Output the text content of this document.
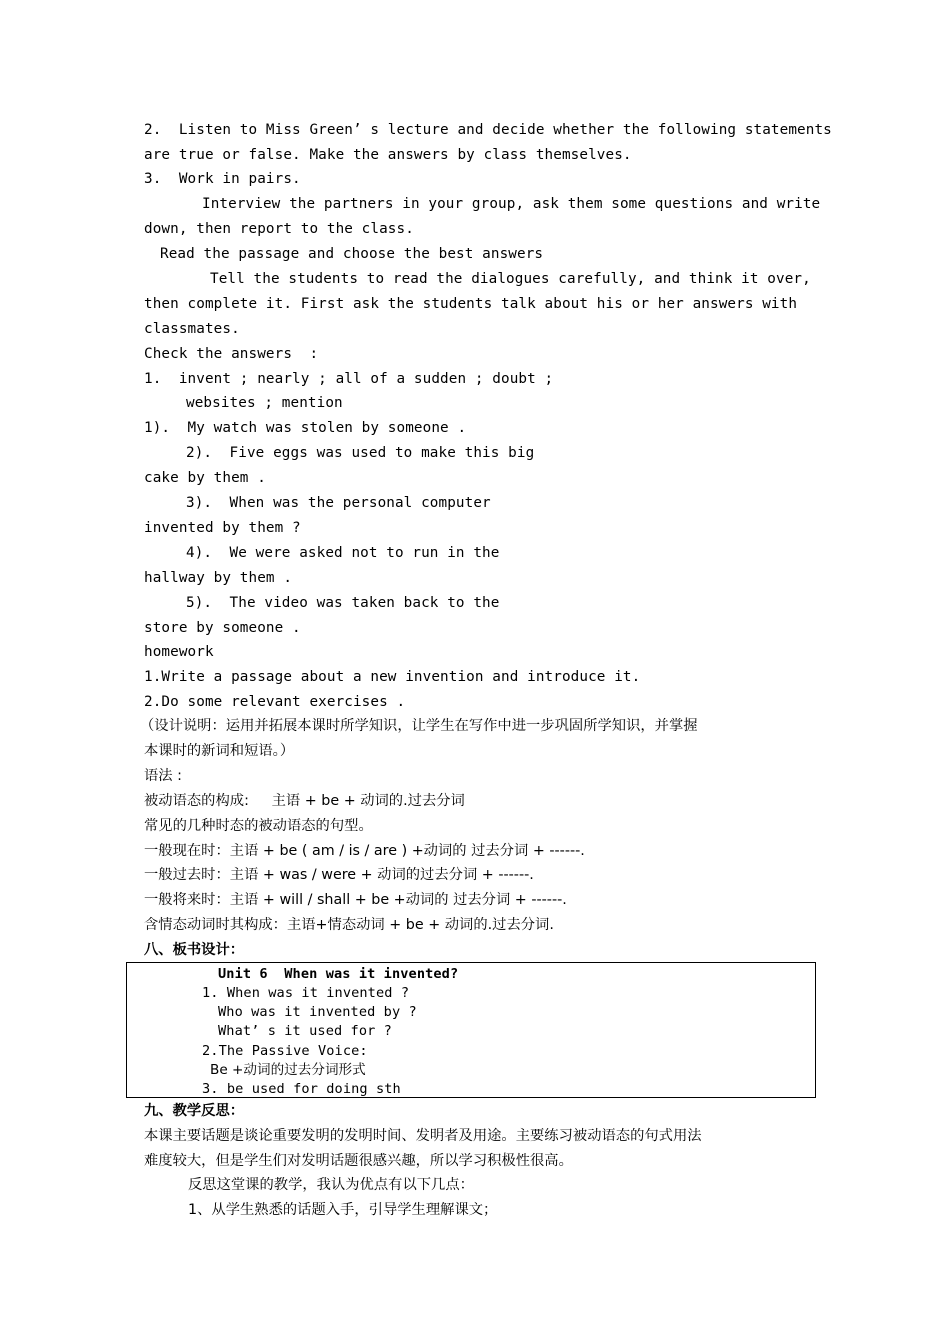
2.  Listen to Miss Green’ s lecture and decide whether the following statements
are true or false. Make the answers by class themselves.
3.  Work in pairs.
Interview the partners in your group, ask them some questions and write
down, then report to the class.
Read the passage and choose the best answers
Tell the students to read the dialogues carefully, and think it over,
then complete it. First ask the students talk about his or her answers with
classmates.
Check the answers  :
1.  invent ; nearly ; all of a sudden ; doubt ;
websites ; mention
1).  My watch was stolen by someone .
2).  Five eggs was used to make this big
cake by them .
3).  When was the personal computer
invented by them ?
4).  We were asked not to run in the
hallway by them .
5).  The video was taken back to the
store by someone .
homework
1.Write a passage about a new invention and introduce it.
2.Do some relevant exercises .
（设计说明：运用并拓展本课时所学知识，让学生在写作中进一步巩固所学知识，并掌握
本课时的新词和短语。）
语法 :
被动语态的构成:     主语 + be + 动词的.过去分词
常见的几种时态的被动语态的句型。
一般现在时：主语 + be ( am / is / are ) +动词的 过去分词 + ------.
一般过去时：主语 + was / were + 动词的过去分词 + ------.
一般将来时：主语 + will / shall + be +动词的 过去分词 + ------.
含情态动词时其构成：主语+情态动词 + be + 动词的.过去分词.
八、板书设计：
Unit 6  When was it invented?
1. When was it invented ?
Who was it invented by ?
What’ s it used for ?
2.The Passive Voice:
Be +动词的过去分词形式
3. be used for doing sth
九、教学反思：
本课主要话题是谈论重要发明的发明时间、发明者及用途。主要练习被动语态的句式用法
难度较大，但是学生们对发明话题很感兴趣，所以学习积极性很高。
反思这堂课的教学，我认为优点有以下几点：
1、从学生熟悉的话题入手，引导学生理解课文；
